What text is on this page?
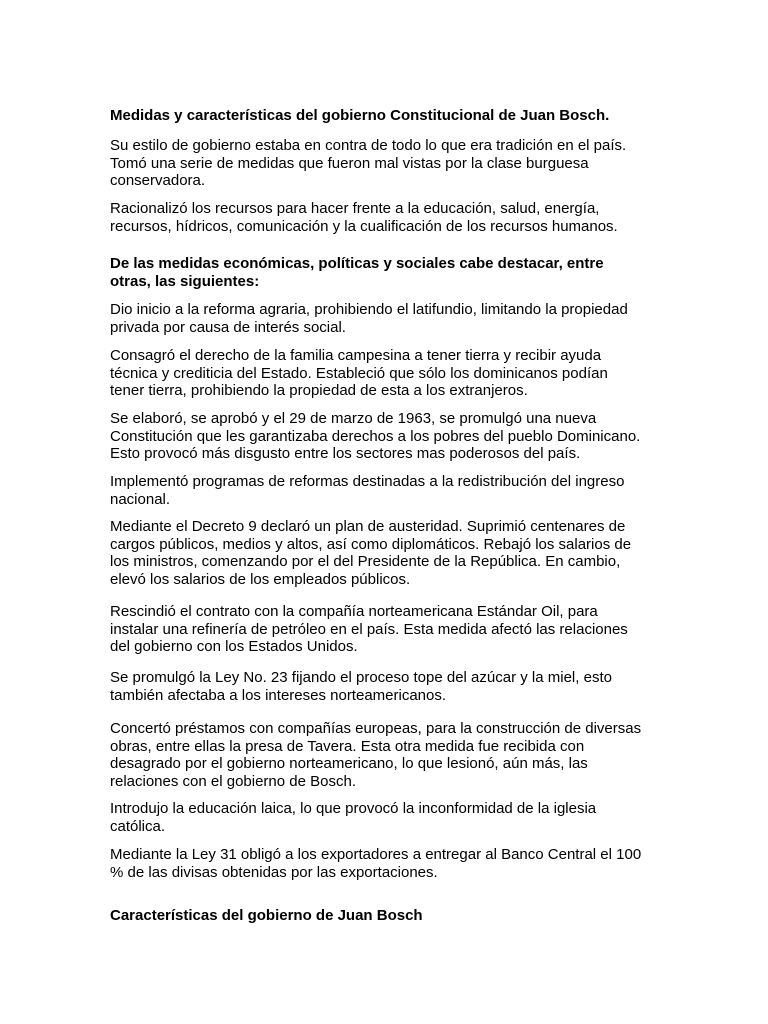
Medidas y características del gobierno Constitucional de Juan Bosch.

Su estilo de gobierno estaba en contra de todo lo que era tradición en el país.
Tomó una serie de medidas que fueron mal vistas por la clase burguesa
conservadora.

Racionalizó los recursos para hacer frente a la educación, salud, energía,
recursos, hídricos, comunicación y la cualificación de los recursos humanos.

De las medidas económicas, políticas y sociales cabe destacar, entre
otras, las siguientes:

Dio inicio a la reforma agraria, prohibiendo el latifundio, limitando la propiedad
privada por causa de interés social.

Consagró el derecho de la familia campesina a tener tierra y recibir ayuda
técnica y crediticia del Estado. Estableció que sólo los dominicanos podían
tener tierra, prohibiendo la propiedad de esta a los extranjeros.

Se elaboró, se aprobó y el 29 de marzo de 1963, se promulgó una nueva
Constitución que les garantizaba derechos a los pobres del pueblo Dominicano.
Esto provocó más disgusto entre los sectores mas poderosos del país.

Implementó programas de reformas destinadas a la redistribución del ingreso
nacional.

Mediante el Decreto 9 declaró un plan de austeridad. Suprimió centenares de
cargos públicos, medios y altos, así como diplomáticos. Rebajó los salarios de
los ministros, comenzando por el del Presidente de la República. En cambio,
elevó los salarios de los empleados públicos.

Rescindió el contrato con la compañía norteamericana Estándar Oil, para
instalar una refinería de petróleo en el país. Esta medida afectó las relaciones
del gobierno con los Estados Unidos.

Se promulgó la Ley No. 23 fijando el proceso tope del azúcar y la miel, esto
también afectaba a los intereses norteamericanos.

Concertó préstamos con compañías europeas, para la construcción de diversas
obras, entre ellas la presa de Tavera. Esta otra medida fue recibida con
desagrado por el gobierno norteamericano, lo que lesionó, aún más, las
relaciones con el gobierno de Bosch.

Introdujo la educación laica, lo que provocó la inconformidad de la iglesia
católica.

Mediante la Ley 31 obligó a los exportadores a entregar al Banco Central el 100
% de las divisas obtenidas por las exportaciones.

Características del gobierno de Juan Bosch
